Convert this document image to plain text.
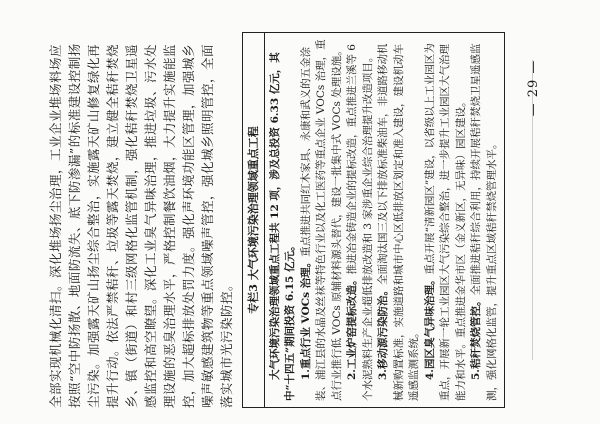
— 29 —

全部实现机械化清扫。深化堆场扬尘治理，工业企业堆场料场应按照“空中防扬散、地面防流失、底下防渗漏”的标准建设控制扬尘污染。加强露天矿山扬尘综合整治，实施露天矿山修复绿化再提升行动。依法严禁秸秆、垃圾等露天焚烧，建立健全秸秆焚烧乡、镇（街道）和村三级网格化监管机制，强化秸秆焚烧卫星遥感监控和高空瞭望。深化工业臭气异味治理，推进垃圾、污水处理设施的恶臭治理水平，严格控制餐饮油烟，大力提升实施能监控，加大超标排放处罚力度。强化声环境功能区管理，加强城乡噪声敏感建筑物等重点领域噪声管控，强化城乡照明管控，全面落实城市光污染防控。

专栏3 大气环境污染治理领域重点工程 大气环境污染治理领域重点工程共 12 项，涉及总投资 6.33 亿元，其中“十四五”期间投资 6.15 亿元。 1.重点行业 VOCs 治理。重点推进共同红木家具、永康和武义的五金涂装、浦江县的水晶及丝袜等特色行业以及化工医药等重点企业 VOCs 治理，重点行业推行低 VOCs 原辅材料源头替代，建设一批集中式 VOCs 处理设施。 2.工业炉窑提标改造。推进冶金铸造企业的提标改造，重点推进兰溪等 6 个水泥熟料生产企业超低排放改造和 3 家涉重企业综合治理提升改造项目。 3.移动源污染防治。全面淘汰国三及以下排放标准柴油车，非道路移动机械新购置标准，实施道路和城市中心区低排放区划定和准入建设，建设机动车遥感监测系统。 4.园区臭气异味治理。重点开展“清新园区”建设，以省级以上工业园区为重点，开展新一轮工业园区大气污染综合整治，进一步提升工业园区大气治理能力和水平。重点推进金华市区（金义新区，无异味）园区建设。 5.秸秆焚烧管控。全面推进秸秆综合利用，持续开展秸秆焚烧卫星遥感监测，强化网格化监管，提升重点区域秸秆禁烧管理水平。
